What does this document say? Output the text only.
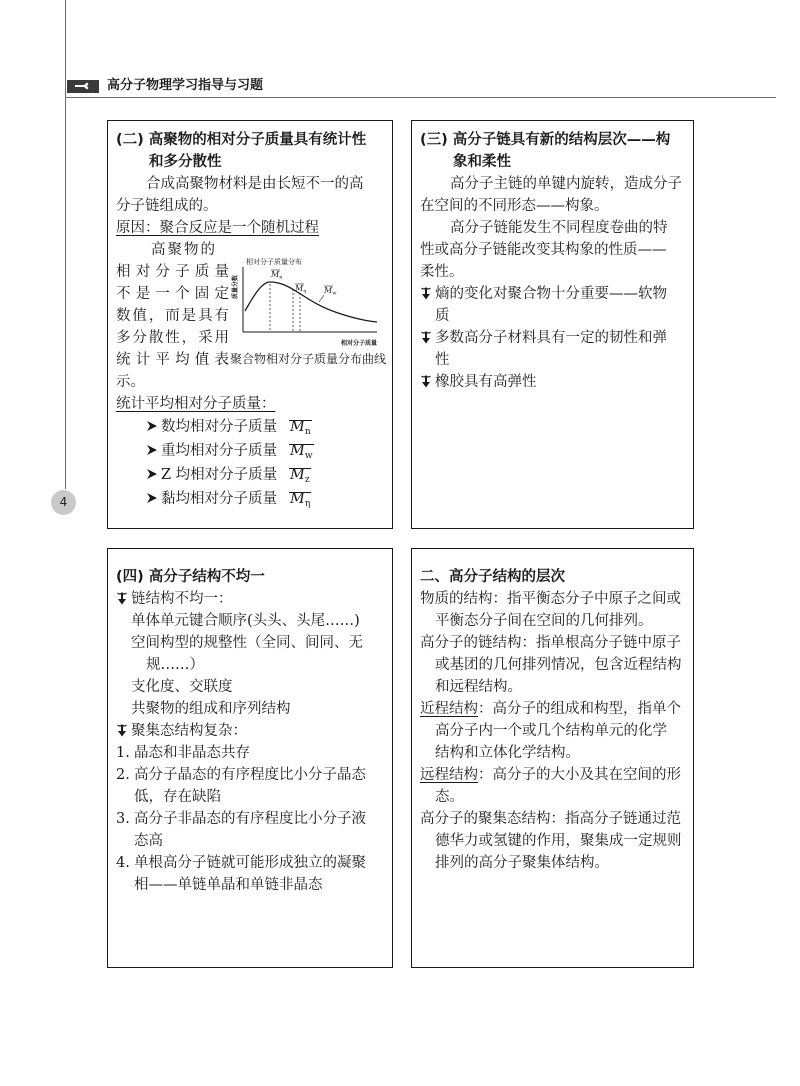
高分子物理学习指导与习题
4
(二) 高聚物的相对分子质量具有统计性
和多分散性
合成高聚物材料是由长短不一的高
分子链组成的。
原因：聚合反应是一个随机过程
高聚物的
相对分子质量
不是一个固定
数值，而是具有
多分散性，采用
统计平均值表
示。
相对分子质量分布
质量分数
Mn
Mη Mw
相对分子质量
聚合物相对分子质量分布曲线
统计平均相对分子质量：
数均相对分子质量 $M_n$
重均相对分子质量 $M_w$
Z 均相对分子质量 $M_z$
黏均相对分子质量 $M_\eta$
(三) 高分子链具有新的结构层次——构
象和柔性
高分子主链的单键内旋转，造成分子
在空间的不同形态——构象。
高分子链能发生不同程度卷曲的特
性或高分子链能改变其构象的性质——
柔性。
熵的变化对聚合物十分重要——软物
质
多数高分子材料具有一定的韧性和弹
性
橡胶具有高弹性
(四) 高分子结构不均一
链结构不均一：
单体单元键合顺序(头头、头尾……)
空间构型的规整性（全同、间同、无
规……）
支化度、交联度
共聚物的组成和序列结构
聚集态结构复杂：
1. 晶态和非晶态共存
2. 高分子晶态的有序程度比小分子晶态
低，存在缺陷
3. 高分子非晶态的有序程度比小分子液
态高
4. 单根高分子链就可能形成独立的凝聚
相——单链单晶和单链非晶态
二、高分子结构的层次
物质的结构：指平衡态分子中原子之间或
平衡态分子间在空间的几何排列。
高分子的链结构：指单根高分子链中原子
或基团的几何排列情况，包含近程结构
和远程结构。
近程结构：高分子的组成和构型，指单个
高分子内一个或几个结构单元的化学
结构和立体化学结构。
远程结构：高分子的大小及其在空间的形
态。
高分子的聚集态结构：指高分子链通过范
德华力或氢键的作用，聚集成一定规则
排列的高分子聚集体结构。
